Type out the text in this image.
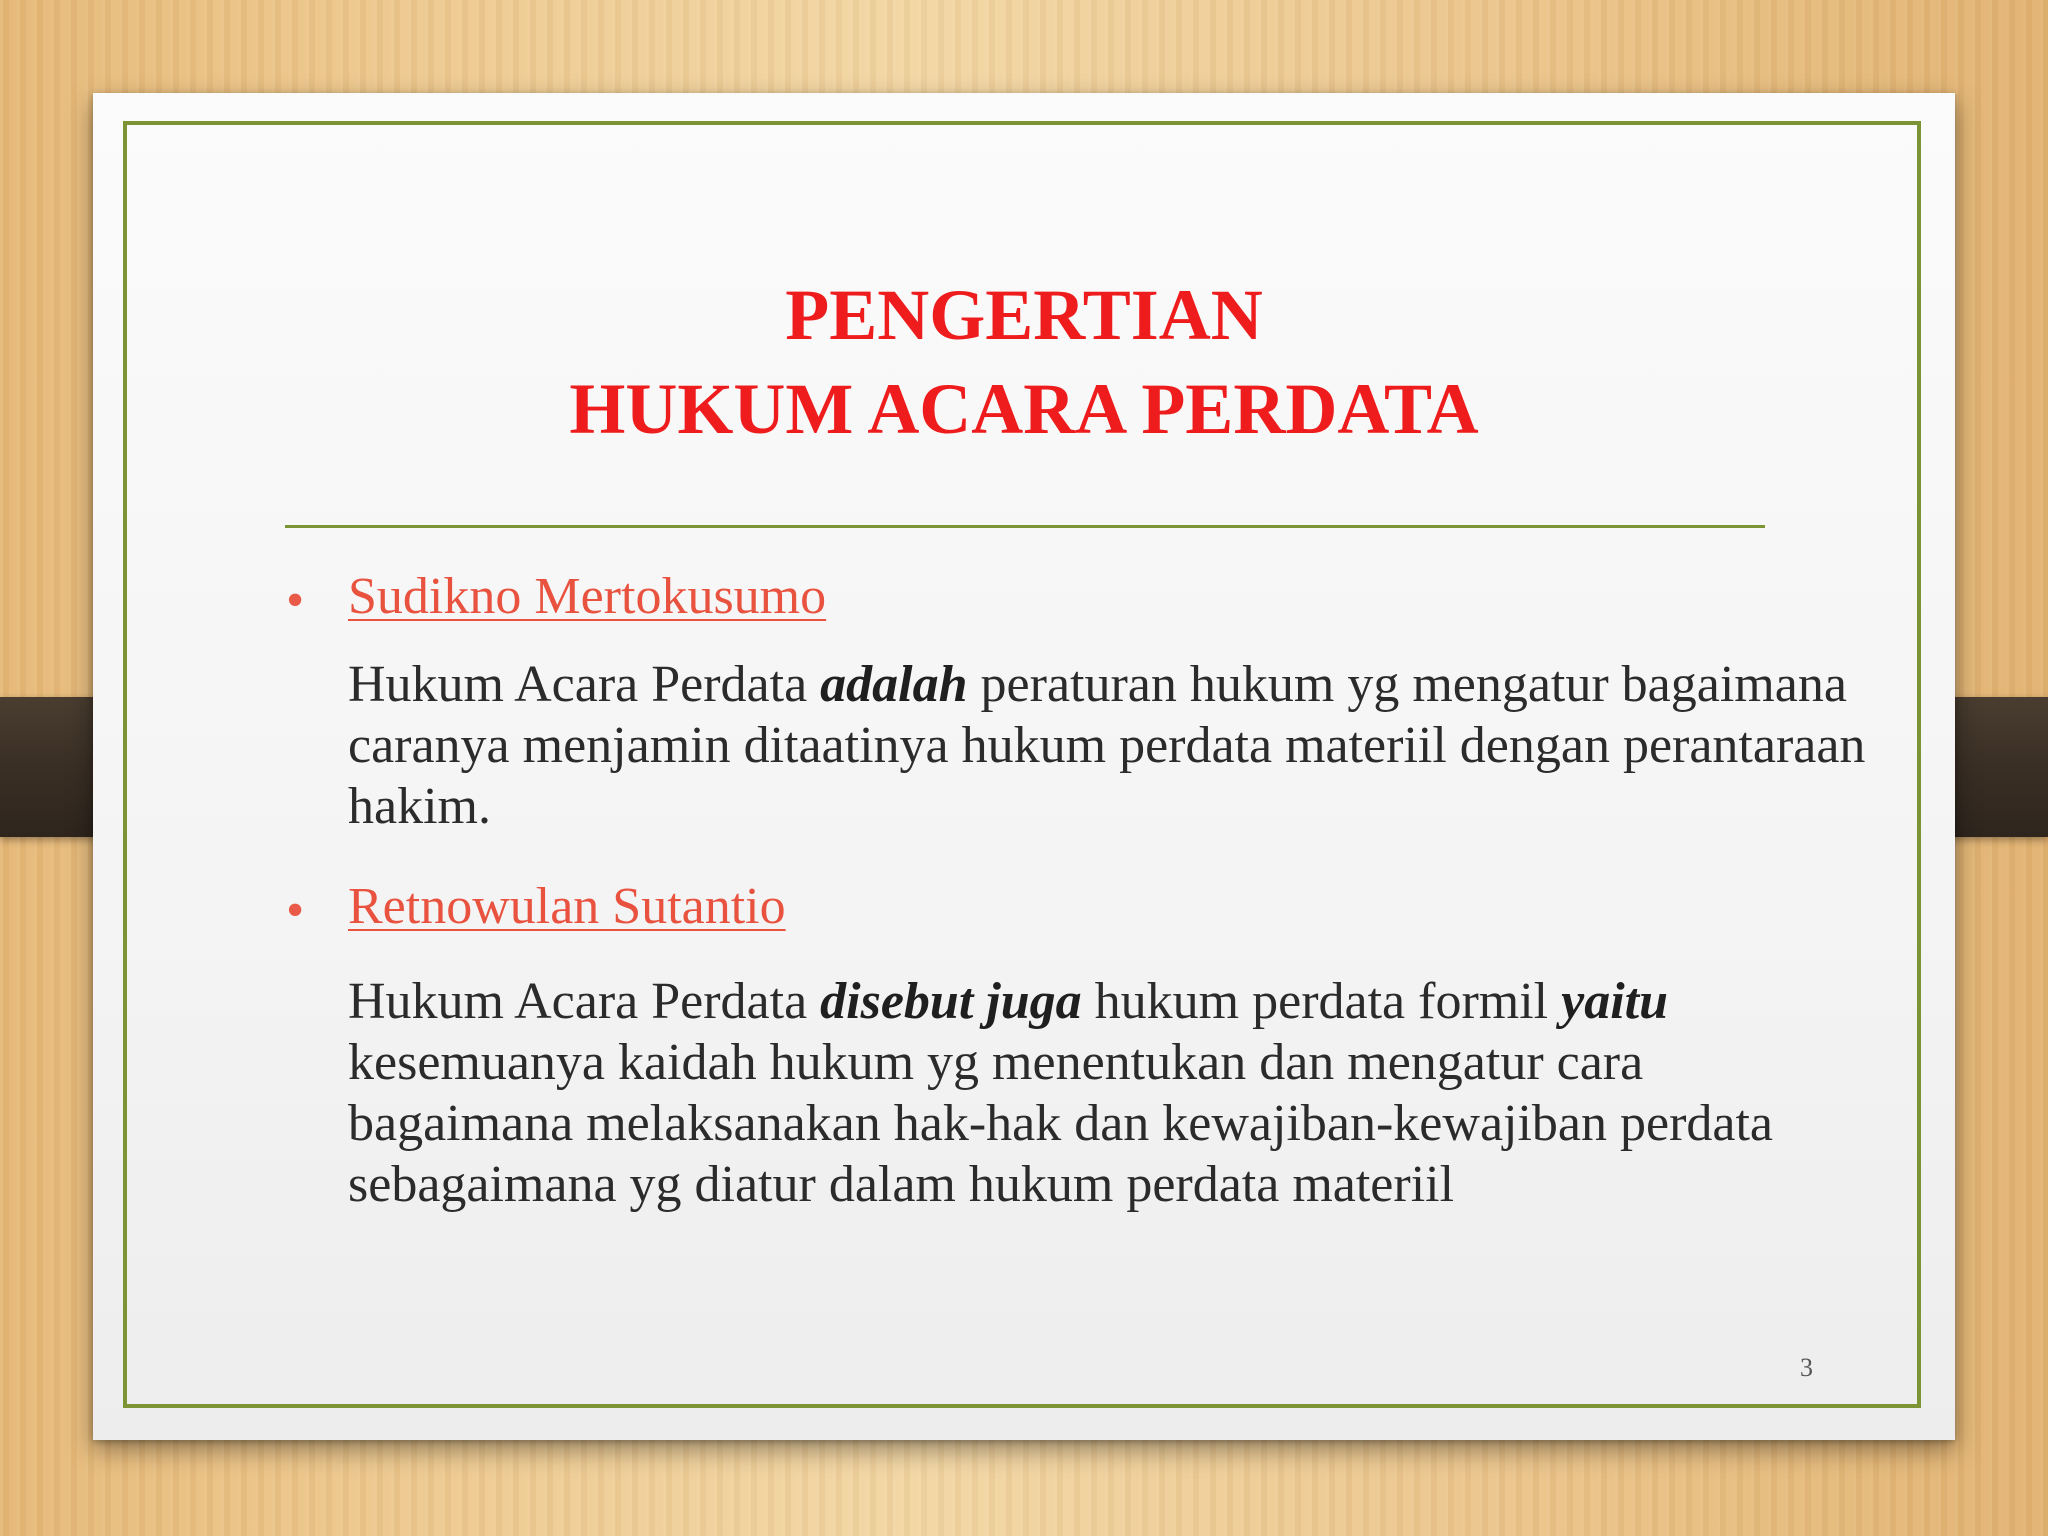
PENGERTIAN
HUKUM ACARA PERDATA
• Sudikno Mertokusumo

Hukum Acara Perdata adalah peraturan hukum yg mengatur bagaimana caranya menjamin ditaatinya hukum perdata materiil dengan perantaraan hakim.

• Retnowulan Sutantio

Hukum Acara Perdata disebut juga hukum perdata formil yaitu kesemuanya kaidah hukum yg menentukan dan mengatur cara bagaimana melaksanakan hak-hak dan kewajiban-kewajiban perdata sebagaimana yg diatur dalam hukum perdata materiil

3
